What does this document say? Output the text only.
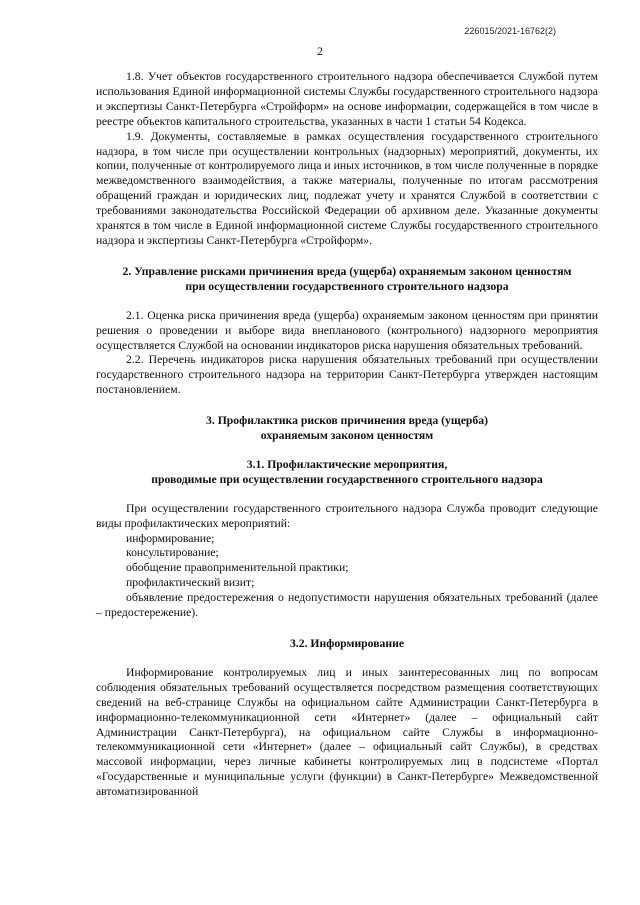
226015/2021-16762(2)
2

1.8. Учет объектов государственного строительного надзора обеспечивается Службой путем использования Единой информационной системы Службы государственного строительного надзора и экспертизы Санкт-Петербурга «Стройформ» на основе информации, содержащейся в том числе в реестре объектов капитального строительства, указанных в части 1 статьи 54 Кодекса.

1.9. Документы, составляемые в рамках осуществления государственного строительного надзора, в том числе при осуществлении контрольных (надзорных) мероприятий, документы, их копии, полученные от контролируемого лица и иных источников, в том числе полученные в порядке межведомственного взаимодействия, а также материалы, полученные по итогам рассмотрения обращений граждан и юридических лиц, подлежат учету и хранятся Службой в соответствии с требованиями законодательства Российской Федерации об архивном деле. Указанные документы хранятся в том числе в Единой информационной системе Службы государственного строительного надзора и экспертизы Санкт-Петербурга «Стройформ».

2. Управление рисками причинения вреда (ущерба) охраняемым законом ценностям

при осуществлении государственного строительного надзора

2.1. Оценка риска причинения вреда (ущерба) охраняемым законом ценностям при принятии решения о проведении и выборе вида внепланового (контрольного) надзорного мероприятия осуществляется Службой на основании индикаторов риска нарушения обязательных требований.

2.2. Перечень индикаторов риска нарушения обязательных требований при осуществлении государственного строительного надзора на территории Санкт-Петербурга утвержден настоящим постановлением.

3. Профилактика рисков причинения вреда (ущерба)

охраняемым законом ценностям

3.1. Профилактические мероприятия,

проводимые при осуществлении государственного строительного надзора

При осуществлении государственного строительного надзора Служба проводит следующие виды профилактических мероприятий:

информирование;

консультирование;

обобщение правоприменительной практики;

профилактический визит;

объявление предостережения о недопустимости нарушения обязательных требований (далее – предостережение).

3.2. Информирование

Информирование контролируемых лиц и иных заинтересованных лиц по вопросам соблюдения обязательных требований осуществляется посредством размещения соответствующих сведений на веб-странице Службы на официальном сайте Администрации Санкт-Петербурга в информационно-телекоммуникационной сети «Интернет» (далее – официальный сайт Администрации Санкт-Петербурга), на официальном сайте Службы в информационно-телекоммуникационной сети «Интернет» (далее – официальный сайт Службы), в средствах массовой информации, через личные кабинеты контролируемых лиц в подсистеме «Портал «Государственные и муниципальные услуги (функции) в Санкт-Петербурге» Межведомственной автоматизированной
